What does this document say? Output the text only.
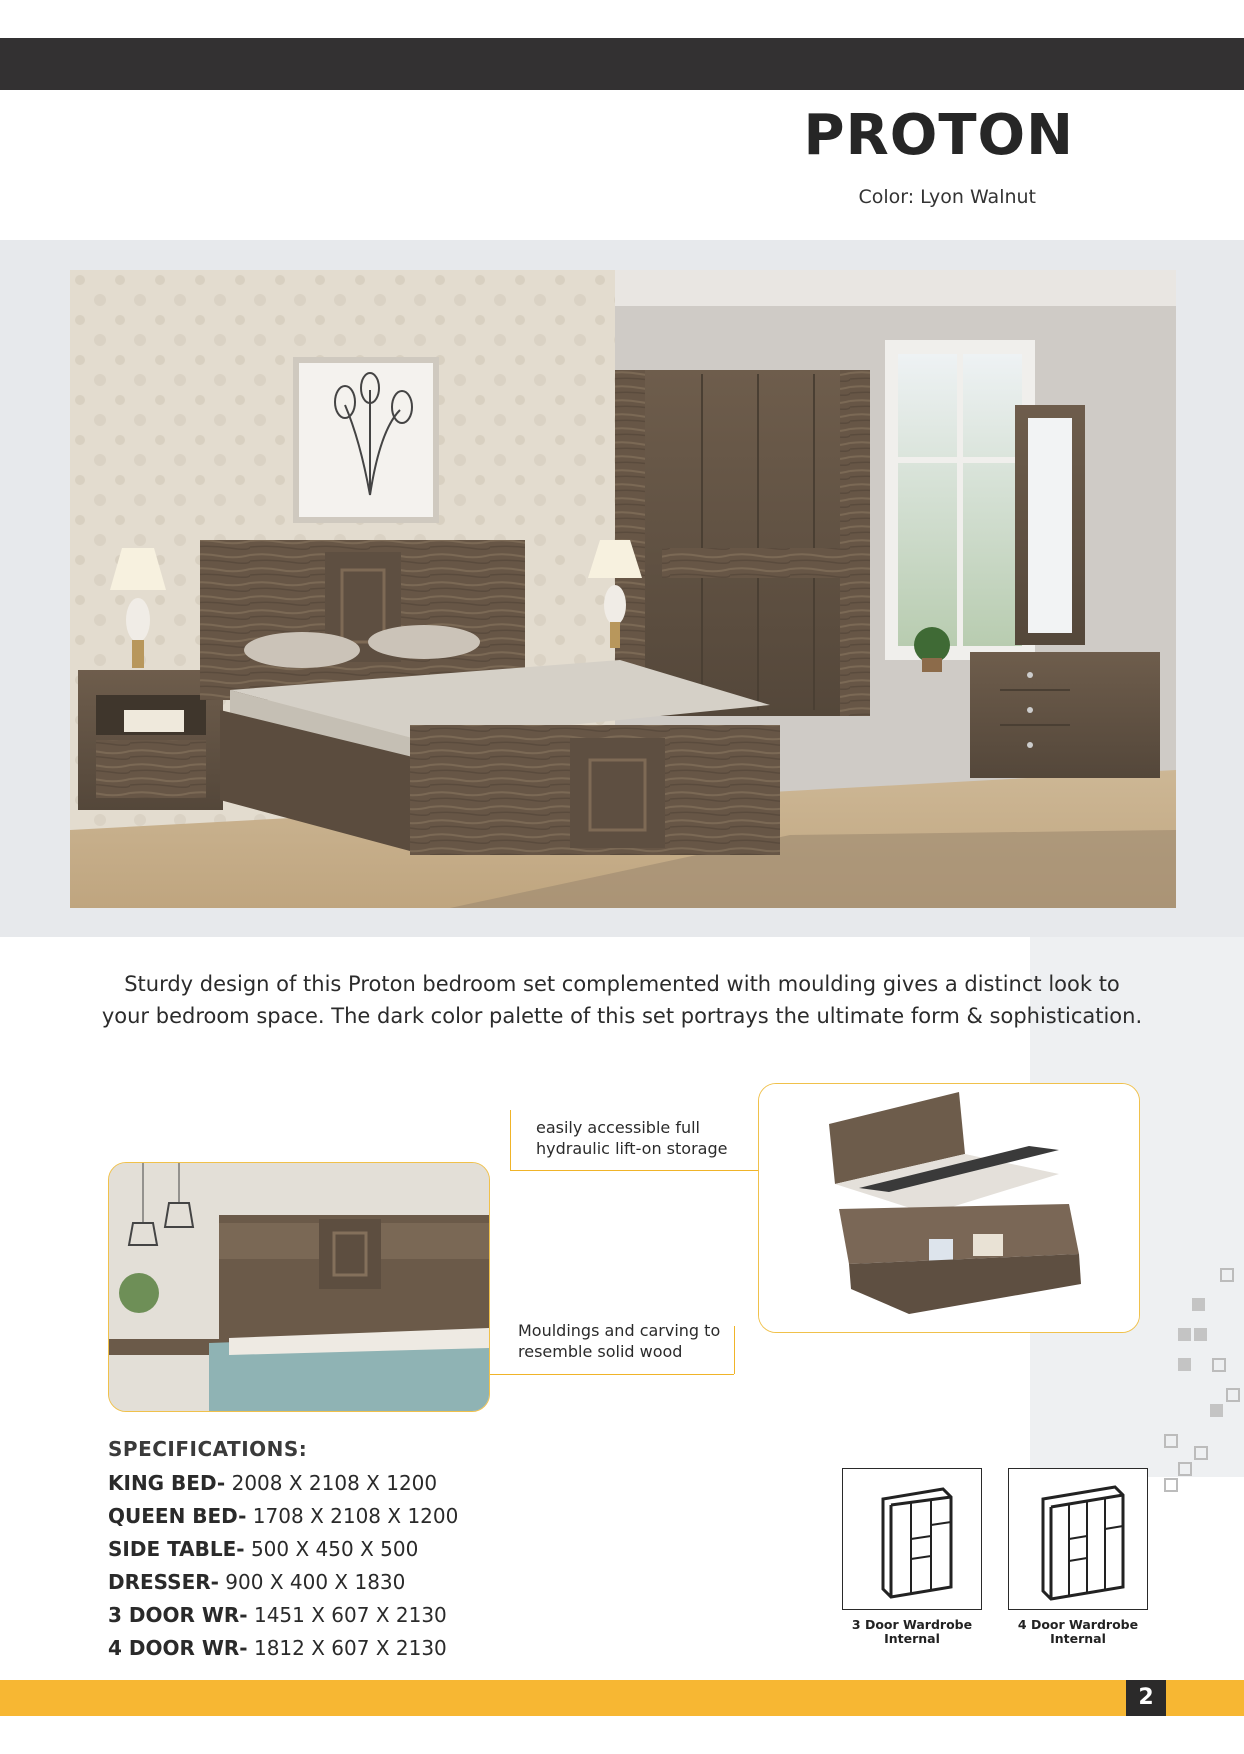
PROTON
Color: Lyon Walnut
Sturdy design of this Proton bedroom set complemented with moulding gives a distinct look to your bedroom space. The dark color palette of this set portrays the ultimate form & sophistication.
easily accessible full hydraulic lift-on storage
Mouldings and carving to resemble solid wood
SPECIFICATIONS:
KING BED- 2008 X 2108 X 1200
QUEEN BED- 1708 X 2108 X 1200
SIDE TABLE- 500 X 450 X 500
DRESSER- 900 X 400 X 1830
3 DOOR WR- 1451 X 607 X 2130
4 DOOR WR- 1812 X 607 X 2130
3 Door Wardrobe Internal
4 Door Wardrobe Internal
2
